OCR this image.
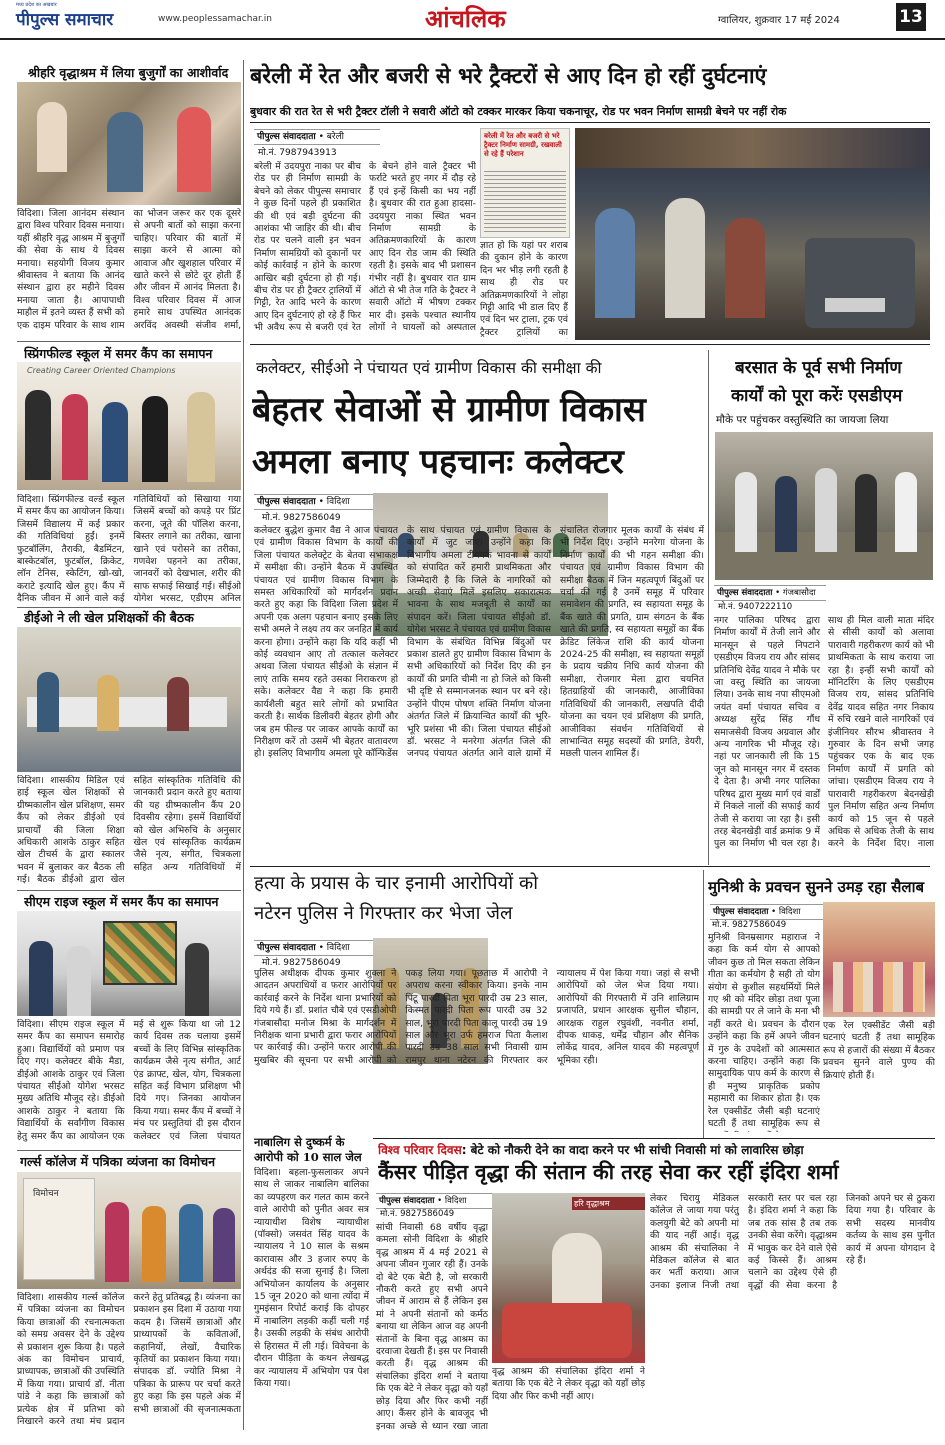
मध्य प्रदेश का अखबार
पीपुल्स समाचार	www.peoplessamachar.in	आंचलिक	ग्वालियर, शुक्रवार 17 मई 2024	13
श्रीहरि वृद्धाश्रम में लिया बुजुर्गों का आशीर्वाद
विदिशा। जिला आनंदम संस्थान द्वारा विश्व परिवार दिवस मनाया। यहीं श्रीहरि वृद्ध आश्रम में बुजुर्गों की सेवा के साथ ये दिवस मनाया। सहयोगी विजय कुमार श्रीवास्तव ने बताया कि आनंद संस्थान द्वारा हर महीने दिवस मनाया जाता है। आपापाधी माहौल में इतने व्यस्त हैं सभी को एक दाइम परिवार के साथ शाम का भोजन जरूर कर एक दूसरे से अपनी बातों को साझा करना चाहिए। परिवार की बातों में साझा करने से आत्मा को आवाज और खुशहाल परिवार में खाते करने से छोटे दूर होती हैं और जीवन में आनंद मिलता है। विश्व परिवार दिवस में आज हमारे साथ उपस्थित आनंदक अरविंद अवस्थी संजीव शर्मा,
स्प्रिंगफील्ड स्कूल में समर कैंप का समापन
Creating Career Oriented Champions
विदिशा। स्प्रिंगफील्ड वर्ल्ड स्कूल में समर कैंप का आयोजन किया। जिसमें विद्यालय में कई प्रकार की गतिविधियां हुईं। इनमें फुटबॉलिंग, तैराकी, बैडमिंटन, बास्केटबॉल, फुटबॉल, क्रिकेट, लॉन टेनिस, स्केटिंग, खो-खो, कराटे इत्यादि खेल हुए। कैंप में दैनिक जीवन में आने वाले कई गतिविधियों को सिखाया गया जिसमें बच्चों को कपड़े पर प्रिंट करना, जूते की पॉलिश करना, बिस्तर लगाने का तरीका, खाना खाने एवं परोसने का तरीका, गणवेश पहनने का तरीका, जानवरों को देखभाल, शरीर की साफ सफाई सिखाई गई। सीईओ योगेश भरसट, एडीएम अनिल
डीईओ ने ली खेल प्रशिक्षकों की बैठक
विदिशा। शासकीय मिडिल एवं हाई स्कूल खेल शिक्षकों से ग्रीष्मकालीन खेल प्रशिक्षण, समर कैंप को लेकर डीईओ एवं प्राचार्यों की जिला शिक्षा अधिकारी आशके ठाकुर सहित खेल टीचर्स के द्वारा स्कालर भवन में बुलाकर कर बैठक ली गई। बैठक डीईओ द्वारा खेल सहित सांस्कृतिक गतिविधि की जानकारी प्रदान करते हुए बताया की यह ग्रीष्मकालीन कैंप 20 दिवसीय रहेगा। इसमें विद्यार्थियों को खेल अभिरुचि के अनुसार खेल एवं सांस्कृतिक कार्यक्रम जैसे नृत्य, संगीत, चित्रकला सहित अन्य गतिविधियों में
सीएम राइज स्कूल में समर कैंप का समापन
विदिशा। सीएम राइज स्कूल में समर कैंप का समापन समारोह हुआ। विद्यार्थियों को प्रमाण पत्र दिए गए। कलेक्टर बीके मैडा, डीईओ आशके ठाकुर एवं जिला पंचायत सीईओ योगेश भरसट मुख्य अतिथि मौजूद रहे। डीईओ आशके ठाकुर ने बताया कि विद्यार्थियों के सर्वांगीण विकास हेतु समर कैंप का आयोजन एक मई से शुरू किया था जो 12 कार्य दिवस तक चलाया इसमें बच्चों के लिए विभिन्न सांस्कृतिक कार्यक्रम जैसे नृत्य संगीत, आर्ट एंड क्राफ्ट, खेल, योग, चित्रकला सहित कई विभाग प्रशिक्षण भी दिये गए। जिनका आयोजन किया गया। समर कैंप में बच्चों ने मंच पर प्रस्तुतियां दी इस दौरान कलेक्टर एवं जिला पंचायत
गर्ल्स कॉलेज में पत्रिका व्यंजना का विमोचन
विमोचन
विदिशा। शासकीय गर्ल्स कॉलेज में पत्रिका व्यंजना का विमोचन किया छात्राओं की रचनात्मकता को समग्र अवसर देने के उद्देश्य से प्रकाशन शुरू किया है। पहले अंक का विमोचन प्राचार्य, प्राध्यापक, छात्राओं की उपस्थिति में किया गया। प्राचार्य डॉ. नीता पांडे ने कहा कि छात्राओं को प्रत्येक क्षेत्र में प्रतिभा को निखारने करने तथा मंच प्रदान करने हेतु प्रतिबद्ध है। व्यंजना का प्रकाशन इस दिशा में उठाया गया कदम है। जिसमें छात्राओं और प्राध्यापकों के कविताओं, कहानियों, लेखों, वैचारिक कृतियों का प्रकाशन किया गया। संपादक डॉ. ज्योति मिश्रा ने पत्रिका के प्रारूप पर चर्चा करते हुए कहा कि इस पहले अंक में सभी छात्राओं की सृजनात्मकता
बरेली में रेत और बजरी से भरे ट्रैक्टरों से आए दिन हो रहीं दुर्घटनाएं
बुधवार की रात रेत से भरी ट्रैक्टर टॉली ने सवारी ऑटो को टक्कर मारकर किया चकनाचूर, रोड पर भवन निर्माण सामग्री बेचने पर नहीं रोक
पीपुल्स संवाददाता • बरेली
मो.नं. 7987943913
बरेली में उदयपुरा नाका पर बीच रोड पर ही निर्माण सामग्री के बेचने को लेकर पीपुल्स समाचार ने कुछ दिनों पहले ही प्रकाशित की थी एवं बड़ी दुर्घटना की आशंका भी जाहिर की थी। बीच रोड पर चलने वाली इन भवन निर्माण सामग्रियों को दुकानों पर कोई कार्रवाई न होने के कारण आखिर बड़ी दुर्घटना हो ही गई। बीच रोड पर ही ट्रैक्टर ट्रालियों में गिट्टी, रेत आदि भरने के कारण आए दिन दुर्घटनाएं हो रहे हैं फिर भी अवैध रूप से बजरी एवं रेत के बेचने होने वाले ट्रैक्टर भी फर्राटे भरते हुए नगर में दौड़ रहे हैं एवं इन्हें किसी का भय नहीं है। बुधवार की रात हुआ हादसा- उदयपुरा नाका स्थित भवन निर्माण सामग्री के अतिक्रमणकारियों के कारण आए दिन रोड जाम की स्थिति रहती है। इसके बाद भी प्रशासन गंभीर नहीं है। बुधवार रात ग्राम ऑटो से भी तेज गति के ट्रैक्टर ने सवारी ऑटो में भीषण टक्कर मार दी। इसके पश्चात स्थानीय लोगों ने घायलों को अस्पताल
बरेली में रेत और बजरी से भरे ट्रैक्टर निर्माण सामग्री, रखवाली से रहे हैं परेशान
ज्ञात हो कि यहां पर शराब की दुकान होने के कारण दिन भर भीड़ लगी रहती है साथ ही रोड पर अतिक्रमणकारियों ने लोहा गिट्टी आदि भी डाल दिए हैं एवं दिन भर ट्राला, ट्रक एवं ट्रैक्टर ट्रालियों का
कलेक्टर, सीईओ ने पंचायत एवं ग्रामीण विकास की समीक्षा की
बेहतर सेवाओं से ग्रामीण विकास
अमला बनाए पहचानः कलेक्टर
पीपुल्स संवाददाता • विदिशा
मो.नं. 9827586049
कलेक्टर बुद्धेश कुमार वैद्य ने आज पंचायत एवं ग्रामीण विकास विभाग के कार्यों की जिला पंचायत कलेक्ट्रेट के बेतवा सभाकक्ष में समीक्षा की। उन्होंने बैठक में उपस्थित पंचायत एवं ग्रामीण विकास विभाग के समस्त अधिकारियों को मार्गदर्शन प्रदान करते हुए कहा कि विदिशा जिला प्रदेश में अपनी एक अलग पहचान बनाए इसके लिए सभी अमले ने लक्ष्य तय कर जनहित में कार्य करना होगा। उन्होंने कहा कि यदि कहीं भी कोई व्यवधान आए तो तत्काल कलेक्टर अथवा जिला पंचायत सीईओ के संज्ञान में लाएं ताकि समय रहते उसका निराकरण हो सके। कलेक्टर वैद्य ने कहा कि हमारी कार्यशैली बहुत सारे लोगों को प्रभावित करती है। सार्थक डिलीवरी बेहतर होगी और जब हम फील्ड पर जाकर आपके कार्यों का निरीक्षण करें तो उसमें भी बेहतर वातावरण हो। इसलिए विभागीय अमला पूरे कॉन्फिडेंस के साथ पंचायत एवं ग्रामीण विकास के कार्यों में जुट जाएं। उन्होंने कहा कि विभागीय अमला टीमवर्क भावना से कार्यों को संपादित करें हमारी प्राथमिकता और जिम्मेदारी है कि जिले के नागरिकों को अच्छी सेवाएं मिलें इसलिए सकारात्मक भावना के साथ मजबूती से कार्यों का संपादन करें। जिला पंचायत सीईओ डॉ. योगेश भरसट ने पंचायत एवं ग्रामीण विकास विभाग के संबंधित विभिन्न बिंदुओं पर प्रकाश डालते हुए ग्रामीण विकास विभाग के सभी अधिकारियों को निर्देश दिए की इन कार्यों की प्रगति चीमी ना हो जिले को किसी भी दृष्टि से सम्मानजनक स्थान पर बने रहे। उन्होंने पीएम पोषण शक्ति निर्माण योजना अंतर्गत जिले में क्रियान्वित कार्यों की भूरि-भूरि प्रशंसा भी की। जिला पंचायत सीईओ डॉ. भरसट ने मनरेगा अंतर्गत जिले की जनपद पंचायत अंतर्गत आने वाले ग्रामों में संचालित रोजगार मूलक कार्यों के संबंध में भी निर्देश दिए। उन्होंने मनरेगा योजना के निर्माण कार्यों की भी गहन समीक्षा की। पंचायत एवं ग्रामीण विकास विभाग की समीक्षा बैठक में जिन महत्वपूर्ण बिंदुओं पर चर्चा की गई है उनमें समूह में परिवार समावेशन की प्रगति, स्व सहायता समूह के बैंक खाते की प्रगति, ग्राम संगठन के बैंक खाते की प्रगति, स्व सहायता समूहों का बैंक क्रेडिट लिंकेज राशि की कार्य योजना 2024-25 की समीक्षा, स्व सहायता समूहों के प्रदाय चक्रीय निधि कार्य योजना की समीक्षा, रोजगार मेला द्वारा चयनित हितग्राहियों की जानकारी, आजीविका गतिविधियों की जानकारी, लखपति दीदी योजना का चयन एवं प्रशिक्षण की प्रगति, आजीविका संवर्धन गतिविधियों से लाभान्वित समूह सदस्यों की प्रगति, डेयरी, मछली पालन शामिल हैं।
बरसात के पूर्व सभी निर्माण
कार्यों को पूरा करेंः एसडीएम
मौके पर पहुंचकर वस्तुस्थिति का जायजा लिया
पीपुल्स संवाददाता • गंजबासौदा
मो.नं. 9407222110
नगर पालिका परिषद द्वारा निर्माण कार्यों में तेजी लाने और मानसून से पहले निपटाने एसडीएम विजय राय और सांसद प्रतिनिधि देवेंद्र यादव ने मौके पर जा वस्तु स्थिति का जायजा लिया। उनके साथ नपा सीएमओ जयंत वर्मा पंचायत सचिव व अध्यक्ष सुरेंद्र सिंह गौंध समाजसेवी विजय अग्रवाल और अन्य नागरिक भी मौजूद रहे। नहां पर जानकारी ली कि 15 जून को मानसून नगर में दस्तक दे देता है। अभी नगर पालिका परिषद द्वारा मुख्य मार्ग एवं वार्डों में निकले नालों की सफाई कार्य तेजी से कराया जा रहा है। इसी तरह बेदनखेड़ी वार्ड क्रमांक 9 में पुल का निर्माण भी चल रहा है। साथ ही मिल वाली माता मंदिर से सीसी कार्यों को अलावा पारावारी गहरीकरण कार्य को भी प्राथमिकता के साथ कराया जा रहा है। इन्हीं सभी कार्यों को मॉनिटरिंग के लिए एसडीएम विजय राय, सांसद प्रतिनिधि देवेंद्र यादव सहित नगर निकाय में रुचि रखने वाले नागरिकों एवं इंजीनियर सौरभ श्रीवास्तव ने गुरुवार के दिन सभी जगह पहुंचकर एक के बाद एक निर्माण कार्यों में प्रगति को जांचा। एसडीएम विजय राय ने पारावारी गहरीकरण बेदनखेड़ी पुल निर्माण सहित अन्य निर्माण कार्य को 15 जून से पहले अधिक से अधिक तेजी के साथ करने के निर्देश दिए। नाला
हत्या के प्रयास के चार इनामी आरोपियों को
नटेरन पुलिस ने गिरफ्तार कर भेजा जेल
पीपुल्स संवाददाता • विदिशा
मो.नं. 9827586049
पुलिस अधीक्षक दीपक कुमार शुक्ला ने आदतन अपराधियों व फरार आरोपियों पर कार्रवाई करने के निर्देश थाना प्रभारियों को दिये गये हैं। डॉ. प्रशांत चौबे एवं एसडीओपी गंजबासौदा मनोज मिश्रा के मार्गदर्शन में निरीक्षक थाना प्रभारी द्वारा फरार आरोपियों पर कार्रवाई की। उन्होंने फरार आरोपी की मुखबिर की सूचना पर सभी आरोपी को पकड़ लिया गया। पूछताछ में आरोपी ने अपराध करना स्वीकार किया। इनके नाम पिंटू पारदी पिता भूरा पारदी उम्र 23 साल, किस्मत पारदी पिता रूप पारदी उम्र 32 साल, भूरा पारदी पिता कालू पारदी उम्र 19 साल और भूरा उर्फ हमराज पिता कैलाश पारदी उम्र 38 साल सभी निवासी ग्राम रामपुर थाना नटेरन की गिरफ्तार कर न्यायालय में पेश किया गया। जहां से सभी आरोपियों को जेल भेज दिया गया। आरोपियों की गिरफ्तारी में उनि शालिग्राम प्रजापति, प्रधान आरक्षक सुनील चौहान, आरक्षक राहुल रघुवंशी, नवनीत शर्मा, दीपक धाकड़, धर्मेंद्र चौहान और सैनिक लोकेंद्र यादव, अनिल यादव की महत्वपूर्ण भूमिका रही।
नाबालिग से दुष्कर्म के
आरोपी को 10 साल जेल
विदिशा। बहला-फुसलाकर अपने साथ ले जाकर नाबालिग बालिका का व्यपहरण कर गलत काम करने वाले आरोपी को पुनीत अवर सत्र न्यायाधीश विशेष न्यायाधीश (पॉक्सो) जसवंत सिंह यादव के न्यायालय ने 10 साल के सश्रम कारावास और 3 हजार रुपए के अर्थदंड की सजा सुनाई है। जिला अभियोजन कार्यालय के अनुसार 15 जून 2020 को थाना त्योंदा में गुमइंसान रिपोर्ट कराई कि दोपहर में नाबालिग लड़की कहीं चली गई है। उसकी लड़की के संबंध आरोपी से हिरासत में ली गई। विवेचना के दौरान पीड़िता के कथन लेखबद्ध कर न्यायालय में अभियोग पत्र पेश किया गया।
मुनिश्री के प्रवचन सुनने उमड़ रहा सैलाब
पीपुल्स संवाददाता • विदिशा
मो.नं. 9827586049
मुनिश्री विनम्रसागर महाराज ने कहा कि कर्म योग से आपको जीवन कुछ तो मिल सकता लेकिन गीता का कर्मयोग है सही तो योग संयोग से कुशील सहधर्मियों मिले गए श्री को मंदिर छोड़ा तथा पूजा की सामग्री पर ले जाने के मना भी नहीं करते थे। प्रवचन के दौरान उन्होंने कहा कि हमें अपने जीवन में गुरु के उपदेशों को आत्मसात करना चाहिए। उन्होंने कहा कि सामुदायिक पाप कर्म के कारण से ही मनुष्य प्राकृतिक प्रकोप महामारी का शिकार होता है। एक रेल एक्सीडेंट जैसी बड़ी घटनाएं घटती हैं तथा सामूहिक रूप से
एक रेल एक्सीडेंट जैसी बड़ी घटनाएं घटती हैं तथा सामूहिक रूप से हजारों की संख्या में बैठकर प्रवचन सुनने वाले पुण्य की क्रियाएं होती हैं।
विश्व परिवार दिवस: बेटे को नौकरी देने का वादा करने पर भी सांची निवासी मां को लावारिस छोड़ा
कैंसर पीड़ित वृद्धा की संतान की तरह सेवा कर रहीं इंदिरा शर्मा
पीपुल्स संवाददाता • विदिशा
मो.नं. 9827586049
हरि वृद्धाश्रम
सांची निवासी 68 वर्षीय वृद्धा कमला सोनी विदिशा के श्रीहरि वृद्ध आश्रम में 4 मई 2021 से अपना जीवन गुजार रही हैं। उनके दो बेटे एक बेटी है, जो सरकारी नौकरी करते हुए सभी अपने जीवन में आराम से हैं लेकिन इस मां ने अपनी संतानों को कर्मठ बनाया था लेकिन आज वह अपनी संतानों के बिना वृद्ध आश्रम का दरवाजा देखती हैं। इस पर निवासी करती हैं। वृद्ध आश्रम की संचालिका इंदिरा शर्मा ने बताया कि एक बेटे ने लेकर वृद्धा को यहाँ छोड़ दिया और फिर कभी नहीं आए। कैंसर होने के बावजूद भी इनका अच्छे से ध्यान रखा जाता
लेकर चिरायु मेडिकल कॉलेज ले जाया गया परंतु कलयुगी बेटे को अपनी मां की याद नहीं आई। वृद्ध आश्रम की संचालिका ने मेडिकल कॉलेज से बात कर भर्ती कराया। आज उनका इलाज निजी तथा सरकारी स्तर पर चल रहा है। इंदिरा शर्मा ने कहा कि जब तक सांस है तब तक उनकी सेवा करेंगे। वृद्धाश्रम में भावुक कर देने वाले ऐसे कई किस्से हैं। आश्रम चलाने का उद्देश्य ऐसे ही वृद्धों की सेवा करना है जिनको अपने घर से ठुकरा दिया गया है। परिवार के सभी सदस्य मानवीय कर्तव्य के साथ इस पुनीत कार्य में अपना योगदान दे रहे हैं।
वृद्ध आश्रम की संचालिका इंदिरा शर्मा ने बताया कि एक बेटे ने लेकर वृद्धा को यहाँ छोड़ दिया और फिर कभी नहीं आए।
